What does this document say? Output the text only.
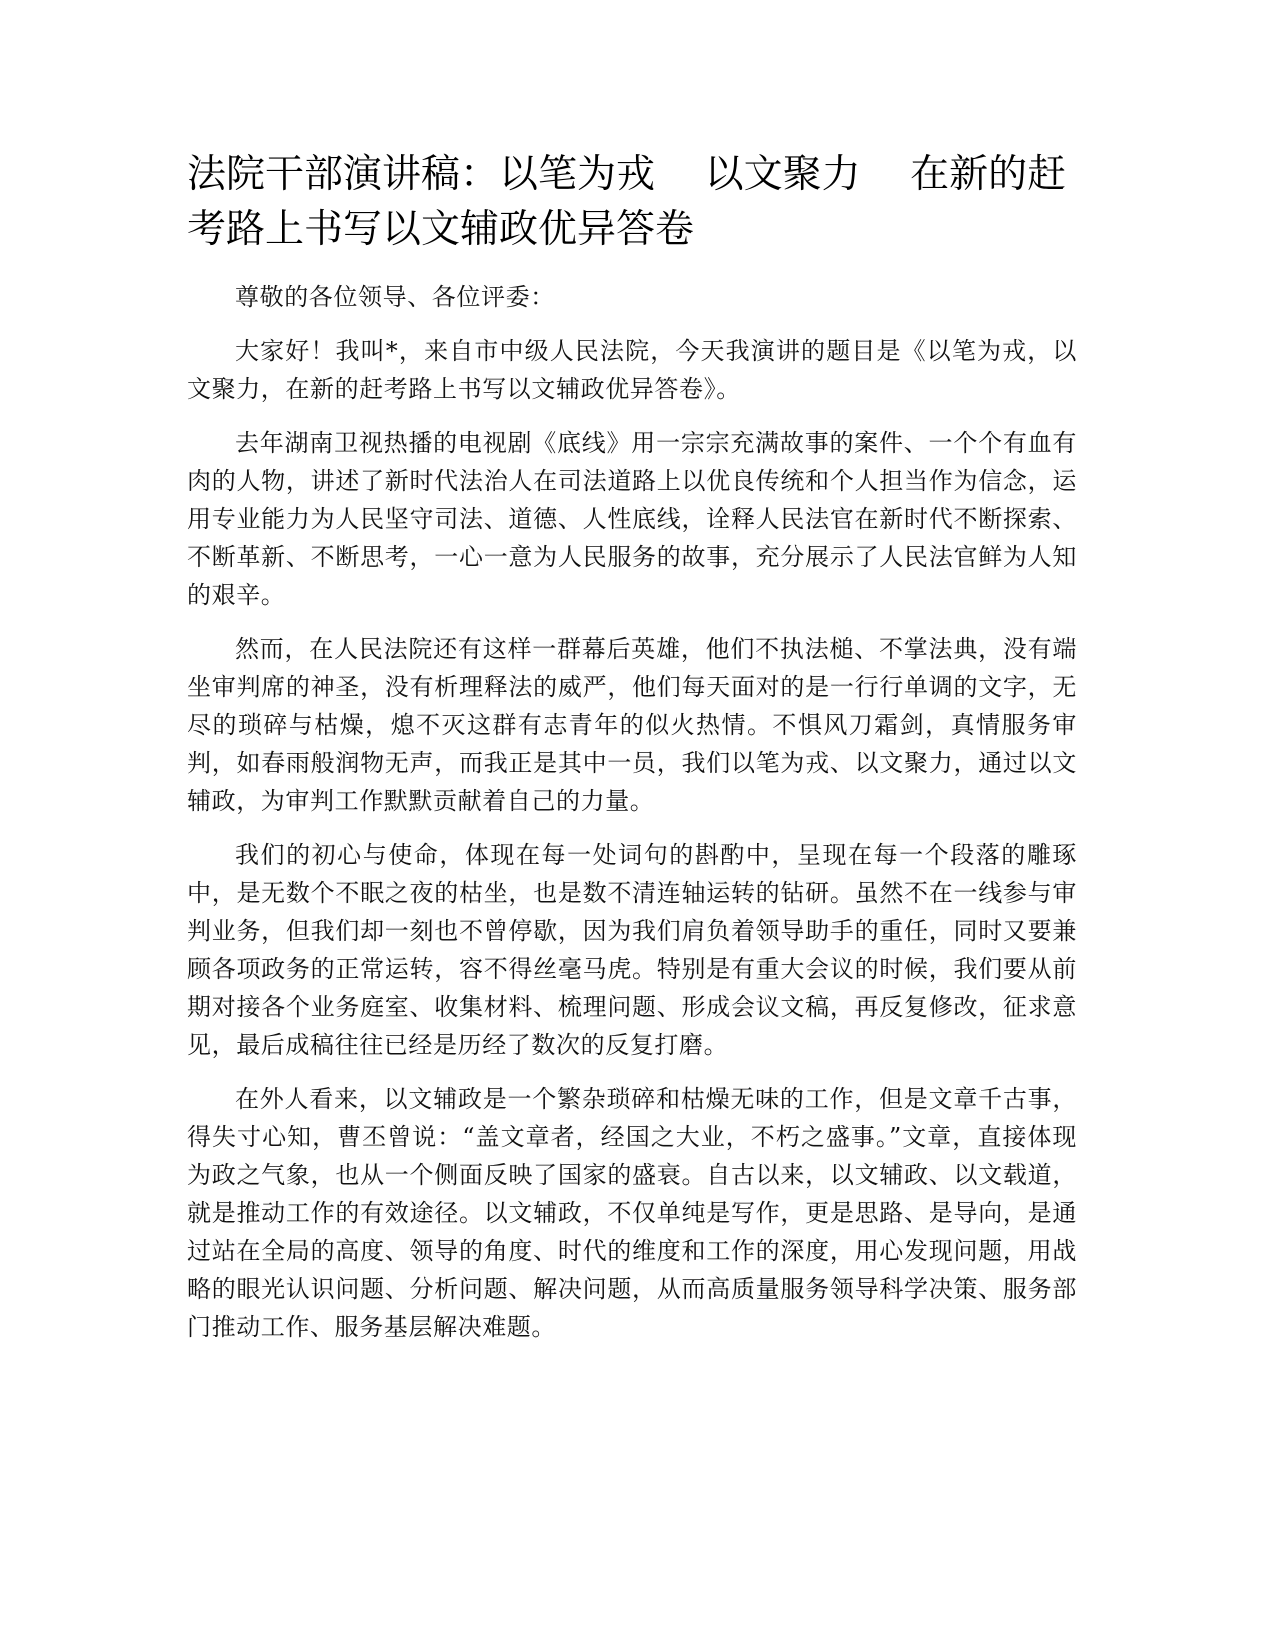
法院干部演讲稿：以笔为戎    以文聚力    在新的赶考路上书写以文辅政优异答卷

尊敬的各位领导、各位评委：

大家好！我叫*，来自市中级人民法院，今天我演讲的题目是《以笔为戎，以文聚力，在新的赶考路上书写以文辅政优异答卷》。

去年湖南卫视热播的电视剧《底线》用一宗宗充满故事的案件、一个个有血有肉的人物，讲述了新时代法治人在司法道路上以优良传统和个人担当作为信念，运用专业能力为人民坚守司法、道德、人性底线，诠释人民法官在新时代不断探索、不断革新、不断思考，一心一意为人民服务的故事，充分展示了人民法官鲜为人知的艰辛。

然而，在人民法院还有这样一群幕后英雄，他们不执法槌、不掌法典，没有端坐审判席的神圣，没有析理释法的威严，他们每天面对的是一行行单调的文字，无尽的琐碎与枯燥，熄不灭这群有志青年的似火热情。不惧风刀霜剑，真情服务审判，如春雨般润物无声，而我正是其中一员，我们以笔为戎、以文聚力，通过以文辅政，为审判工作默默贡献着自己的力量。

我们的初心与使命，体现在每一处词句的斟酌中，呈现在每一个段落的雕琢中，是无数个不眠之夜的枯坐，也是数不清连轴运转的钻研。虽然不在一线参与审判业务，但我们却一刻也不曾停歇，因为我们肩负着领导助手的重任，同时又要兼顾各项政务的正常运转，容不得丝毫马虎。特别是有重大会议的时候，我们要从前期对接各个业务庭室、收集材料、梳理问题、形成会议文稿，再反复修改，征求意见，最后成稿往往已经是历经了数次的反复打磨。

在外人看来，以文辅政是一个繁杂琐碎和枯燥无味的工作，但是文章千古事，得失寸心知，曹丕曾说：“盖文章者，经国之大业，不朽之盛事。”文章，直接体现为政之气象，也从一个侧面反映了国家的盛衰。自古以来，以文辅政、以文载道，就是推动工作的有效途径。以文辅政，不仅单纯是写作，更是思路、是导向，是通过站在全局的高度、领导的角度、时代的维度和工作的深度，用心发现问题，用战略的眼光认识问题、分析问题、解决问题，从而高质量服务领导科学决策、服务部门推动工作、服务基层解决难题。
